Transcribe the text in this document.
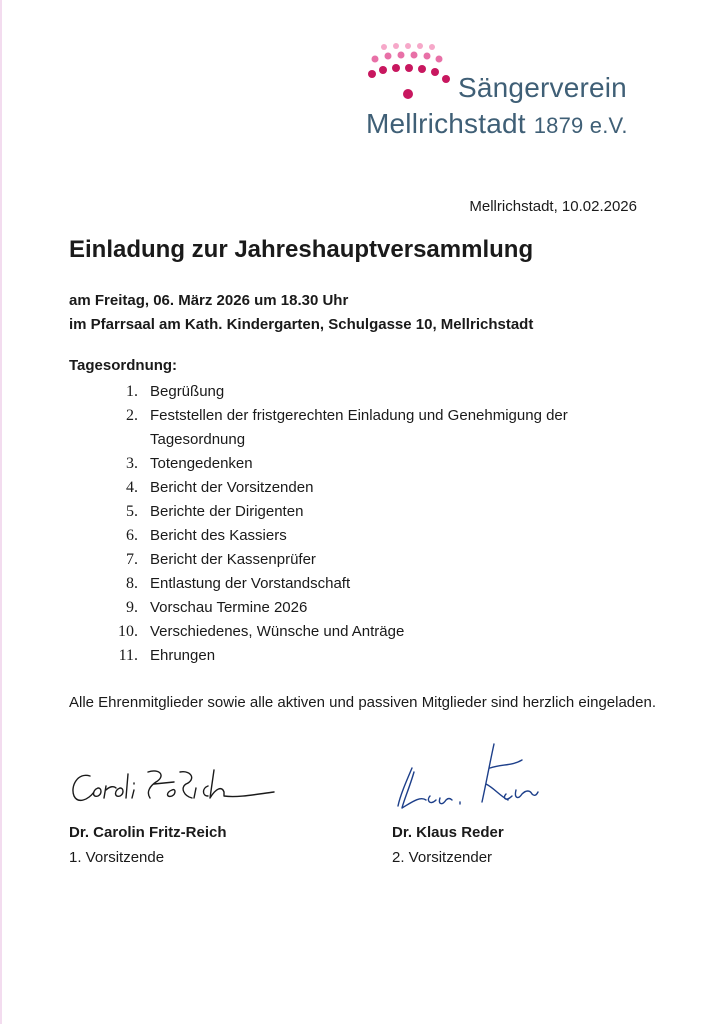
Sängerverein
Mellrichstadt 1879 e.V.
Mellrichstadt, 10.02.2026
Einladung zur Jahreshauptversammlung
am Freitag, 06. März 2026 um 18.30 Uhr
im Pfarrsaal am Kath. Kindergarten, Schulgasse 10, Mellrichstadt
Tagesordnung:
1. Begrüßung
2. Feststellen der fristgerechten Einladung und Genehmigung der Tagesordnung
3. Totengedenken
4. Bericht der Vorsitzenden
5. Berichte der Dirigenten
6. Bericht des Kassiers
7. Bericht der Kassenprüfer
8. Entlastung der Vorstandschaft
9. Vorschau Termine 2026
10. Verschiedenes, Wünsche und Anträge
11. Ehrungen
Alle Ehrenmitglieder sowie alle aktiven und passiven Mitglieder sind herzlich eingeladen.
Dr. Carolin Fritz-Reich
1. Vorsitzende
Dr. Klaus Reder
2. Vorsitzender
